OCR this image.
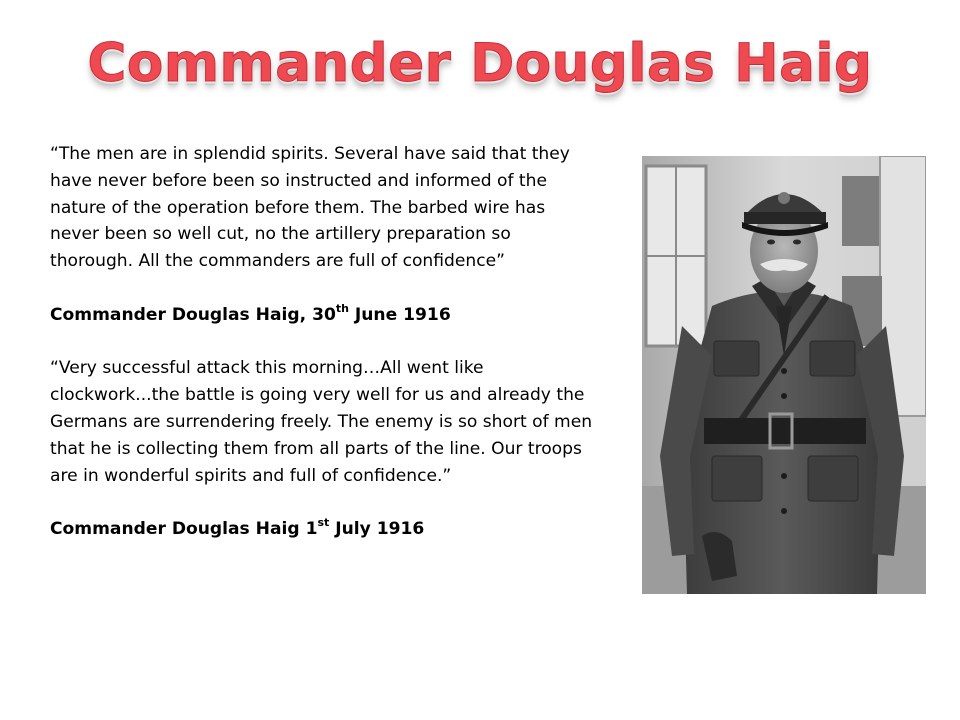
Commander Douglas Haig

“The men are in splendid spirits. Several have said that they have never before been so instructed and informed of the nature of the operation before them. The barbed wire has never been so well cut, no the artillery preparation so thorough. All the commanders are full of confidence”

Commander Douglas Haig, 30th June 1916

“Very successful attack this morning…All went like clockwork...the battle is going very well for us and already the Germans are surrendering freely. The enemy is so short of men that he is collecting them from all parts of the line. Our troops are in wonderful spirits and full of confidence.”

Commander Douglas Haig 1st July 1916
